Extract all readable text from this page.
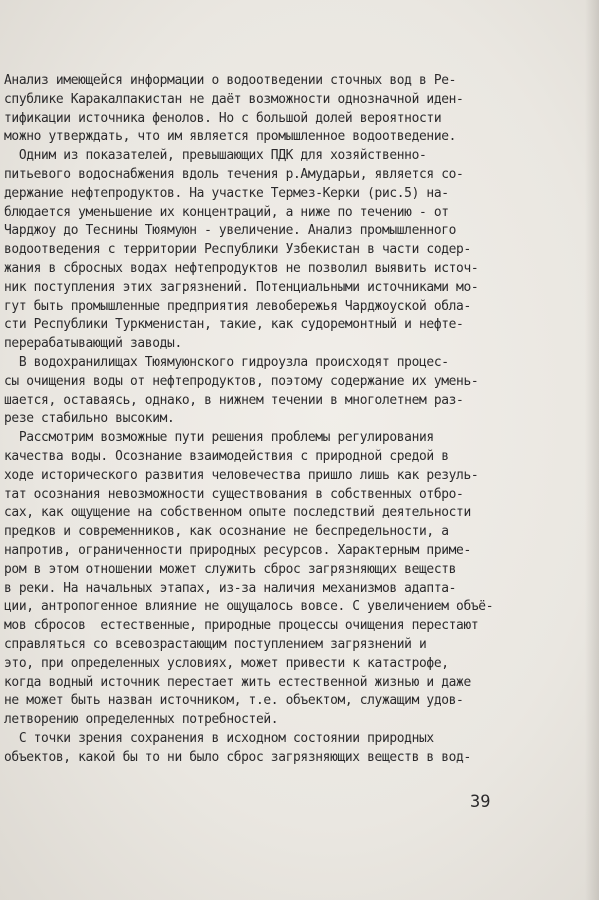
Анализ имеющейся информации о водоотведении сточных вод в Ре-
спублике Каракалпакистан не даёт возможности однозначной иден-
тификации источника фенолов. Но с большой долей вероятности
можно утверждать, что им является промышленное водоотведение.
Одним из показателей, превышающих ПДК для хозяйственно-
питьевого водоснабжения вдоль течения р.Амударьи, является со-
держание нефтепродуктов. На участке Термез-Керки (рис.5) на-
блюдается уменьшение их концентраций, а ниже по течению - от
Чарджоу до Теснины Тюямуюн - увеличение. Анализ промышленного
водоотведения с территории Республики Узбекистан в части содер-
жания в сбросных водах нефтепродуктов не позволил выявить источ-
ник поступления этих загрязнений. Потенциальными источниками мо-
гут быть промышленные предприятия левобережья Чарджоуской обла-
сти Республики Туркменистан, такие, как судоремонтный и нефте-
перерабатывающий заводы.
В водохранилищах Тюямуюнского гидроузла происходят процес-
сы очищения воды от нефтепродуктов, поэтому содержание их умень-
шается, оставаясь, однако, в нижнем течении в многолетнем раз-
резе стабильно высоким.
Рассмотрим возможные пути решения проблемы регулирования
качества воды. Осознание взаимодействия с природной средой в
ходе исторического развития человечества пришло лишь как резуль-
тат осознания невозможности существования в собственных отбро-
сах, как ощущение на собственном опыте последствий деятельности
предков и современников, как осознание не беспредельности, а
напротив, ограниченности природных ресурсов. Характерным приме-
ром в этом отношении может служить сброс загрязняющих веществ
в реки. На начальных этапах, из-за наличия механизмов адапта-
ции, антропогенное влияние не ощущалось вовсе. С увеличением объё-
мов сбросов  естественные, природные процессы очищения перестают
справляться со всевозрастающим поступлением загрязнений и
это, при определенных условиях, может привести к катастрофе,
когда водный источник перестает жить естественной жизнью и даже
не может быть назван источником, т.е. объектом, служащим удов-
летворению определенных потребностей.
С точки зрения сохранения в исходном состоянии природных
объектов, какой бы то ни было сброс загрязняющих веществ в вод-
39
